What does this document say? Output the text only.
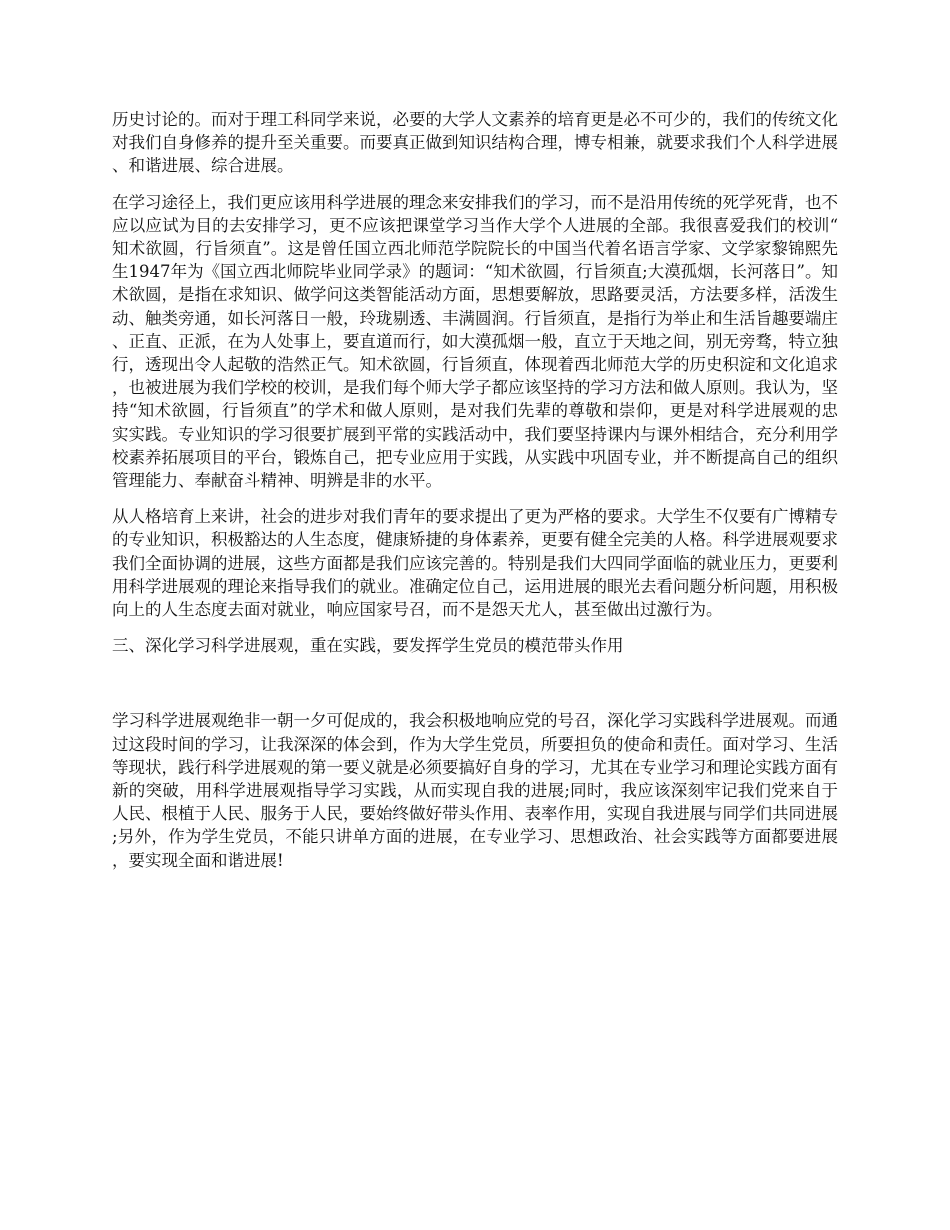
历史讨论的。而对于理工科同学来说，必要的大学人文素养的培育更是必不可少的，我们的传统文化对我们自身修养的提升至关重要。而要真正做到知识结构合理，博专相兼，就要求我们个人科学进展、和谐进展、综合进展。

在学习途径上，我们更应该用科学进展的理念来安排我们的学习，而不是沿用传统的死学死背，也不应以应试为目的去安排学习，更不应该把课堂学习当作大学个人进展的全部。我很喜爱我们的校训“知术欲圆，行旨须直”。这是曾任国立西北师范学院院长的中国当代着名语言学家、文学家黎锦熙先生1947年为《国立西北师院毕业同学录》的题词：“知术欲圆，行旨须直;大漠孤烟，长河落日”。知术欲圆，是指在求知识、做学问这类智能活动方面，思想要解放，思路要灵活，方法要多样，活泼生动、触类旁通，如长河落日一般，玲珑剔透、丰满圆润。行旨须直，是指行为举止和生活旨趣要端庄、正直、正派，在为人处事上，要直道而行，如大漠孤烟一般，直立于天地之间，别无旁骛，特立独行，透现出令人起敬的浩然正气。知术欲圆，行旨须直，体现着西北师范大学的历史积淀和文化追求，也被进展为我们学校的校训，是我们每个师大学子都应该坚持的学习方法和做人原则。我认为，坚持“知术欲圆，行旨须直”的学术和做人原则，是对我们先辈的尊敬和崇仰，更是对科学进展观的忠实实践。专业知识的学习很要扩展到平常的实践活动中，我们要坚持课内与课外相结合，充分利用学校素养拓展项目的平台，锻炼自己，把专业应用于实践，从实践中巩固专业，并不断提高自己的组织管理能力、奉献奋斗精神、明辨是非的水平。

从人格培育上来讲，社会的进步对我们青年的要求提出了更为严格的要求。大学生不仅要有广博精专的专业知识，积极豁达的人生态度，健康矫捷的身体素养，更要有健全完美的人格。科学进展观要求我们全面协调的进展，这些方面都是我们应该完善的。特别是我们大四同学面临的就业压力，更要利用科学进展观的理论来指导我们的就业。准确定位自己，运用进展的眼光去看问题分析问题，用积极向上的人生态度去面对就业，响应国家号召，而不是怨天尤人，甚至做出过激行为。

三、深化学习科学进展观，重在实践，要发挥学生党员的模范带头作用

学习科学进展观绝非一朝一夕可促成的，我会积极地响应党的号召，深化学习实践科学进展观。而通过这段时间的学习，让我深深的体会到，作为大学生党员，所要担负的使命和责任。面对学习、生活等现状，践行科学进展观的第一要义就是必须要搞好自身的学习，尤其在专业学习和理论实践方面有新的突破，用科学进展观指导学习实践，从而实现自我的进展;同时，我应该深刻牢记我们党来自于人民、根植于人民、服务于人民，要始终做好带头作用、表率作用，实现自我进展与同学们共同进展;另外，作为学生党员，不能只讲单方面的进展，在专业学习、思想政治、社会实践等方面都要进展，要实现全面和谐进展!
